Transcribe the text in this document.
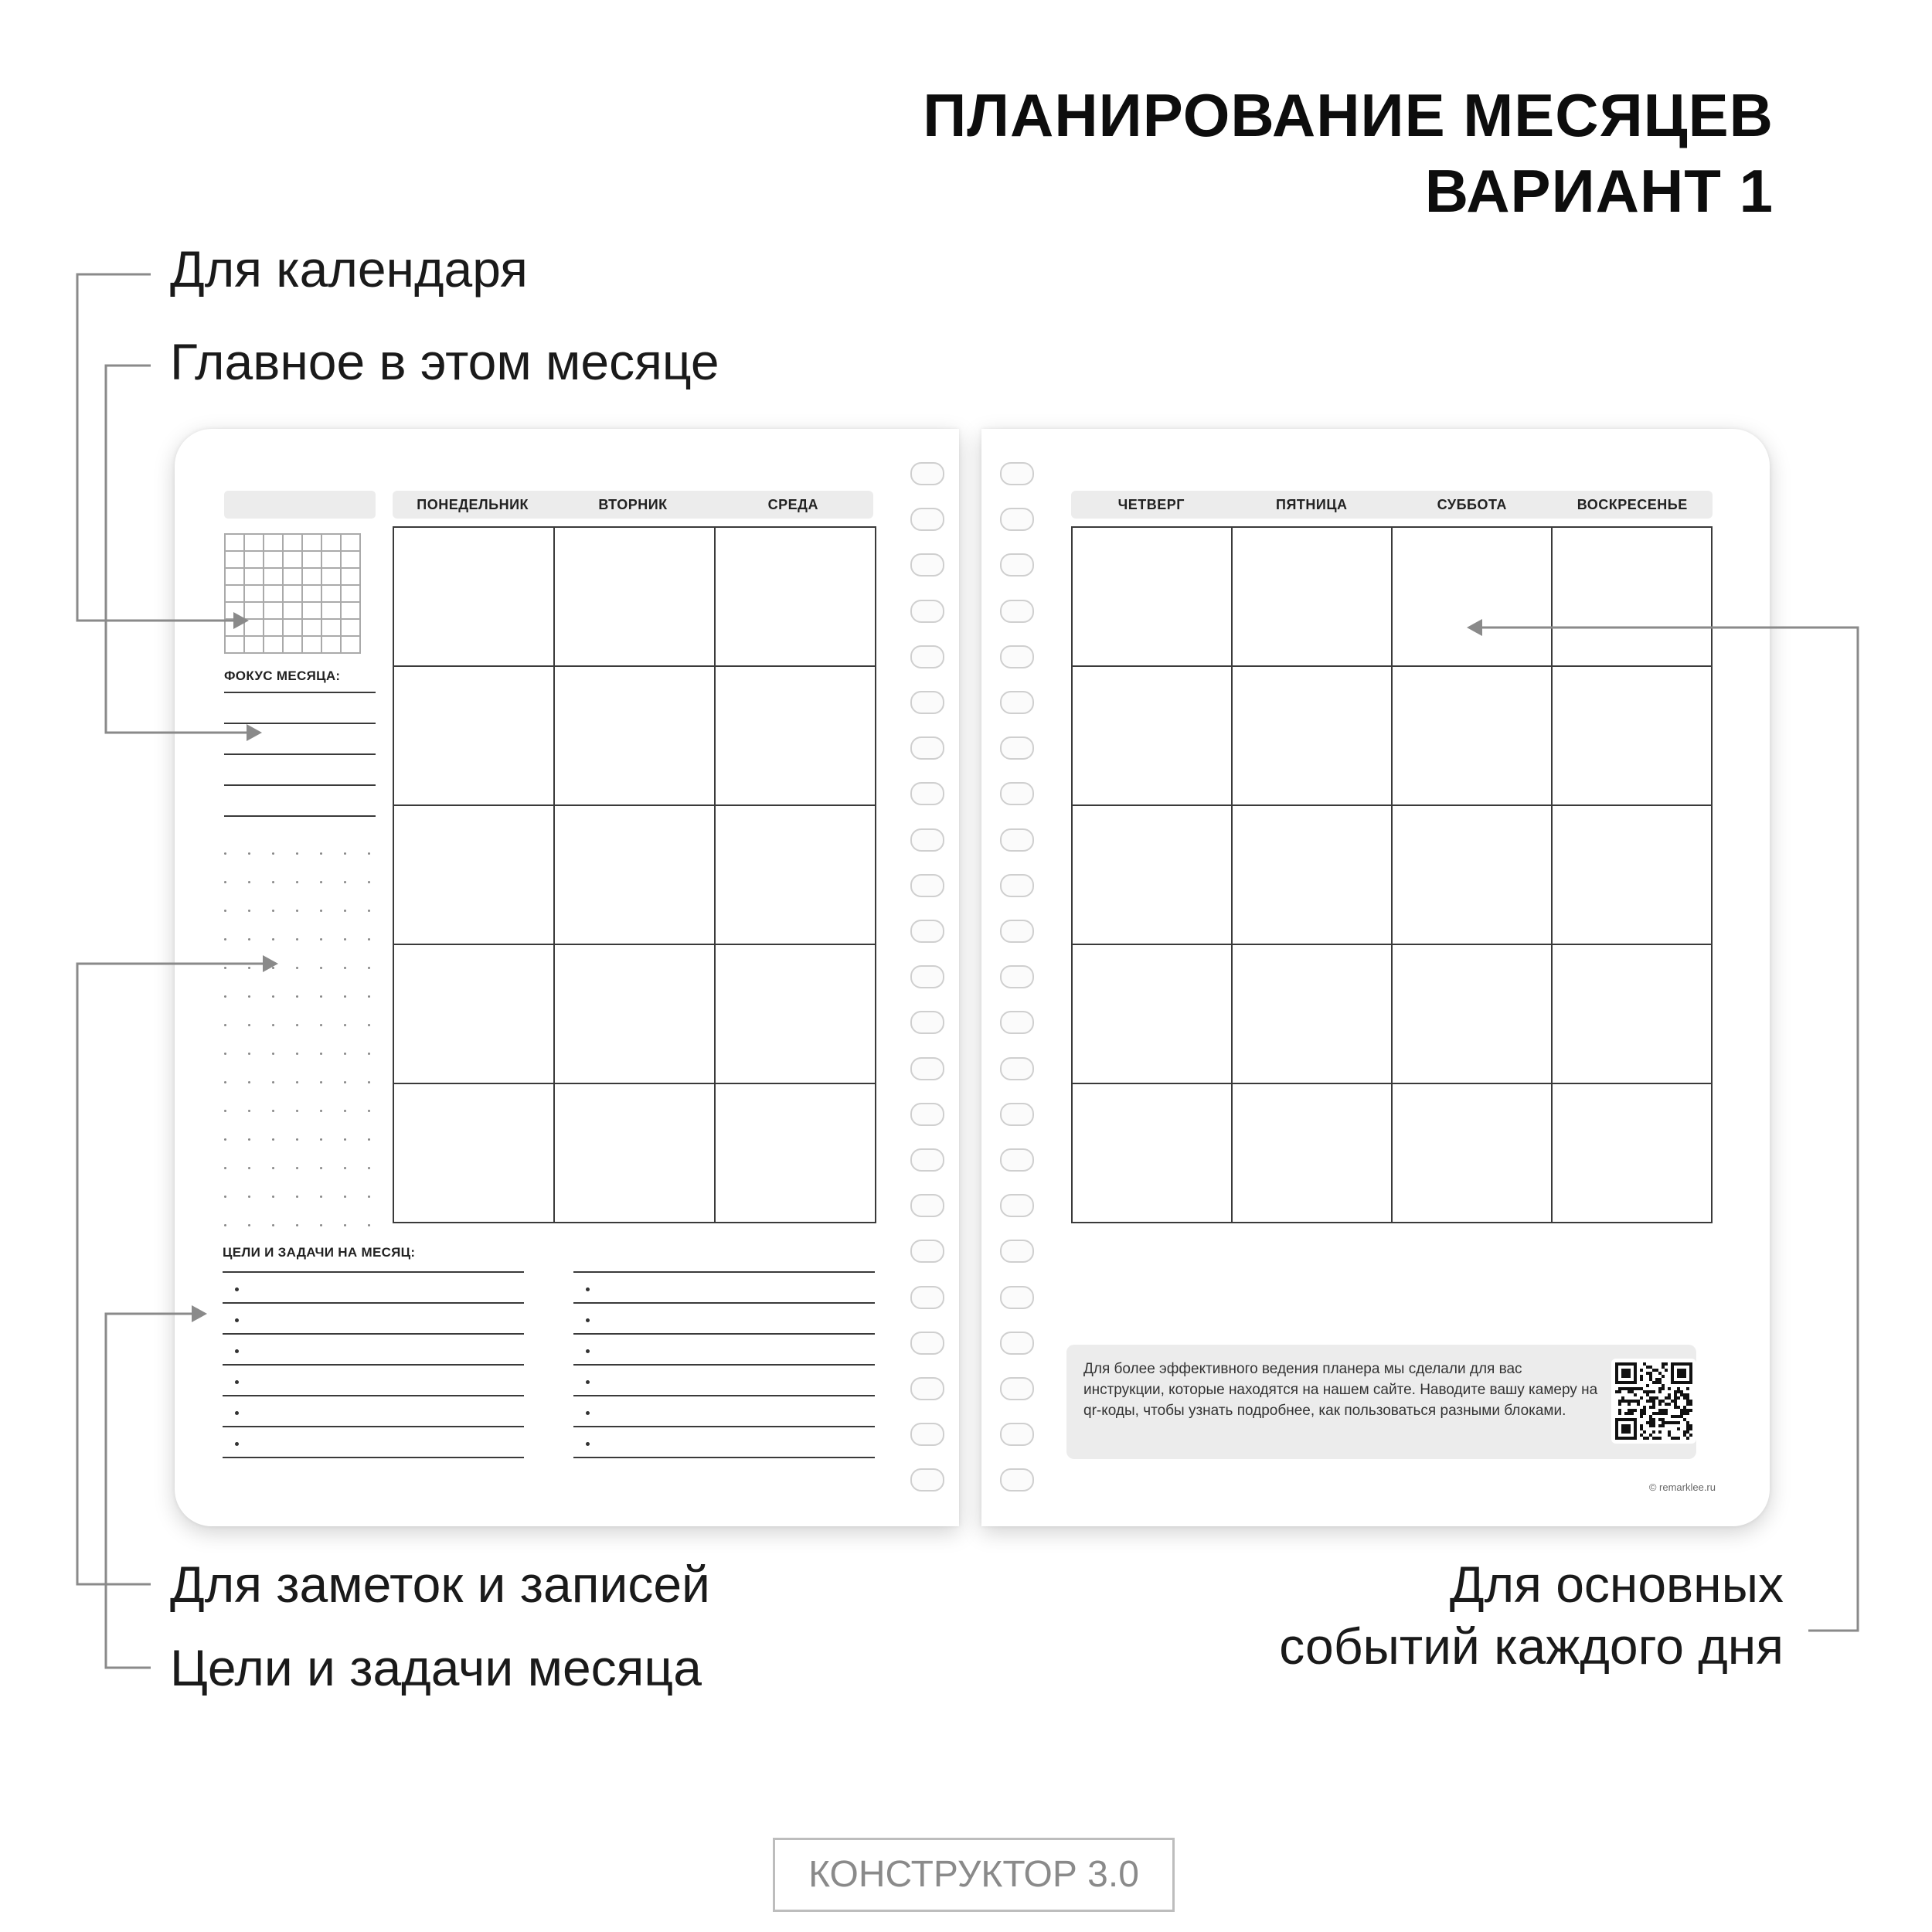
ПЛАНИРОВАНИЕ МЕСЯЦЕВ
ВАРИАНТ 1
Для календаря
Главное в этом месяце

ФОКУС МЕСЯЦА:
ПОНЕДЕЛЬНИК	ВТОРНИК	СРЕДА

ЦЕЛИ И ЗАДАЧИ НА МЕСЯЦ:
ЧЕТВЕРГ	ПЯТНИЦА	СУББОТА	ВОСКРЕСЕНЬЕ

Для более эффективного ведения планера мы сделали для вас инструкции, которые находятся на нашем сайте. Наводите вашу камеру на qr-коды, чтобы узнать подробнее, как пользоваться разными блоками.
© remarklee.ru
Для заметок и записей
Цели и задачи месяца
Для основных
событий каждого дня
КОНСТРУКТОР 3.0
